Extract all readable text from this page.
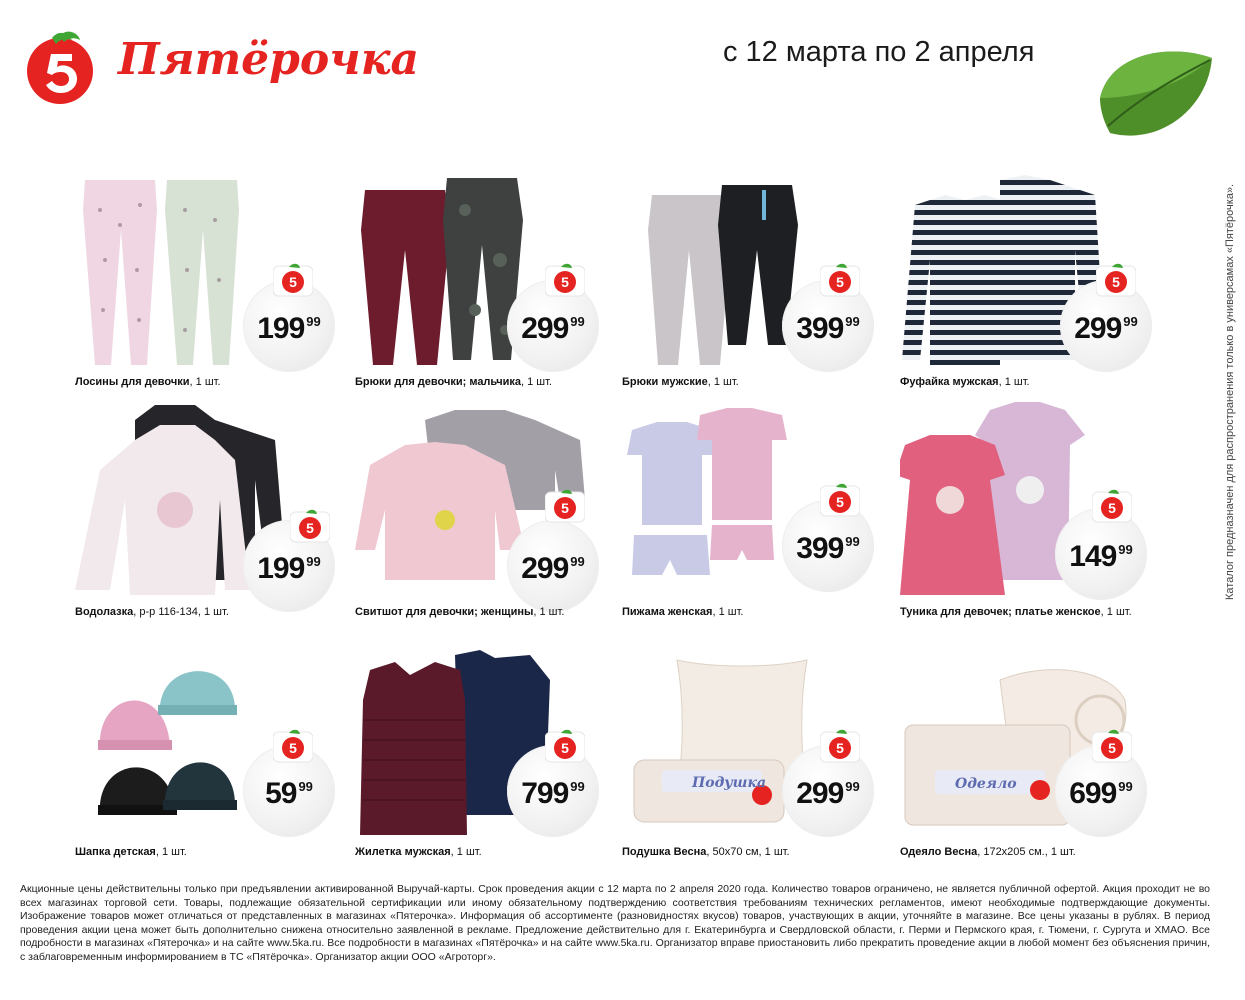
Пятёрочка	с 12 марта по 2 апреля
Каталог предназначен для распространения только в универсамах «Пятёрочка».
199 $^{99}$
5
Лосины для девочки, 1 шт.
299 $^{99}$
5
Брюки для девочки; мальчика, 1 шт.
399 $^{99}$
5
Брюки мужские, 1 шт.
299 $^{99}$
5
Фуфайка мужская, 1 шт.
199 $^{99}$
5
Водолазка, р-р 116-134, 1 шт.
299 $^{99}$
5
Свитшот для девочки; женщины, 1 шт.
399 $^{99}$
5
Пижама женская, 1 шт.
149 $^{99}$
5
Туника для девочек; платье женское, 1 шт.
59 $^{99}$
5
Шапка детская, 1 шт.
799 $^{99}$
5
Жилетка мужская, 1 шт.
Подушка	299 $^{99}$
5
Подушка Весна, 50х70 см, 1 шт.
Одеяло	699 $^{99}$
5
Одеяло Весна, 172х205 см., 1 шт.
Акционные цены действительны только при предъявлении активированной Выручай-карты. Срок проведения акции с 12 марта по 2 апреля 2020 года. Количество товаров ограничено, не является публичной офертой. Акция проходит не во всех магазинах торговой сети. Товары, подлежащие обязательной сертификации или иному обязательному подтверждению соответствия требованиям технических регламентов, имеют необходимые подтверждающие документы. Изображение товаров может отличаться от представленных в магазинах «Пятерочка». Информация об ассортименте (разновидностях вкусов) товаров, участвующих в акции, уточняйте в магазине. Все цены указаны в рублях. В период проведения акции цена может быть дополнительно снижена относительно заявленной в рекламе. Предложение действительно для г. Екатеринбурга и Свердловской области, г. Перми и Пермского края, г. Тюмени, г. Сургута и ХМАО. Все подробности в магазинах «Пятерочка» и на сайте www.5ka.ru. Все подробности в магазинах «Пятёрочка» и на сайте www.5ka.ru. Организатор вправе приостановить либо прекратить проведение акции в любой момент без объяснения причин, с заблаговременным информированием в ТС «Пятёрочка». Организатор акции ООО «Агроторг».
